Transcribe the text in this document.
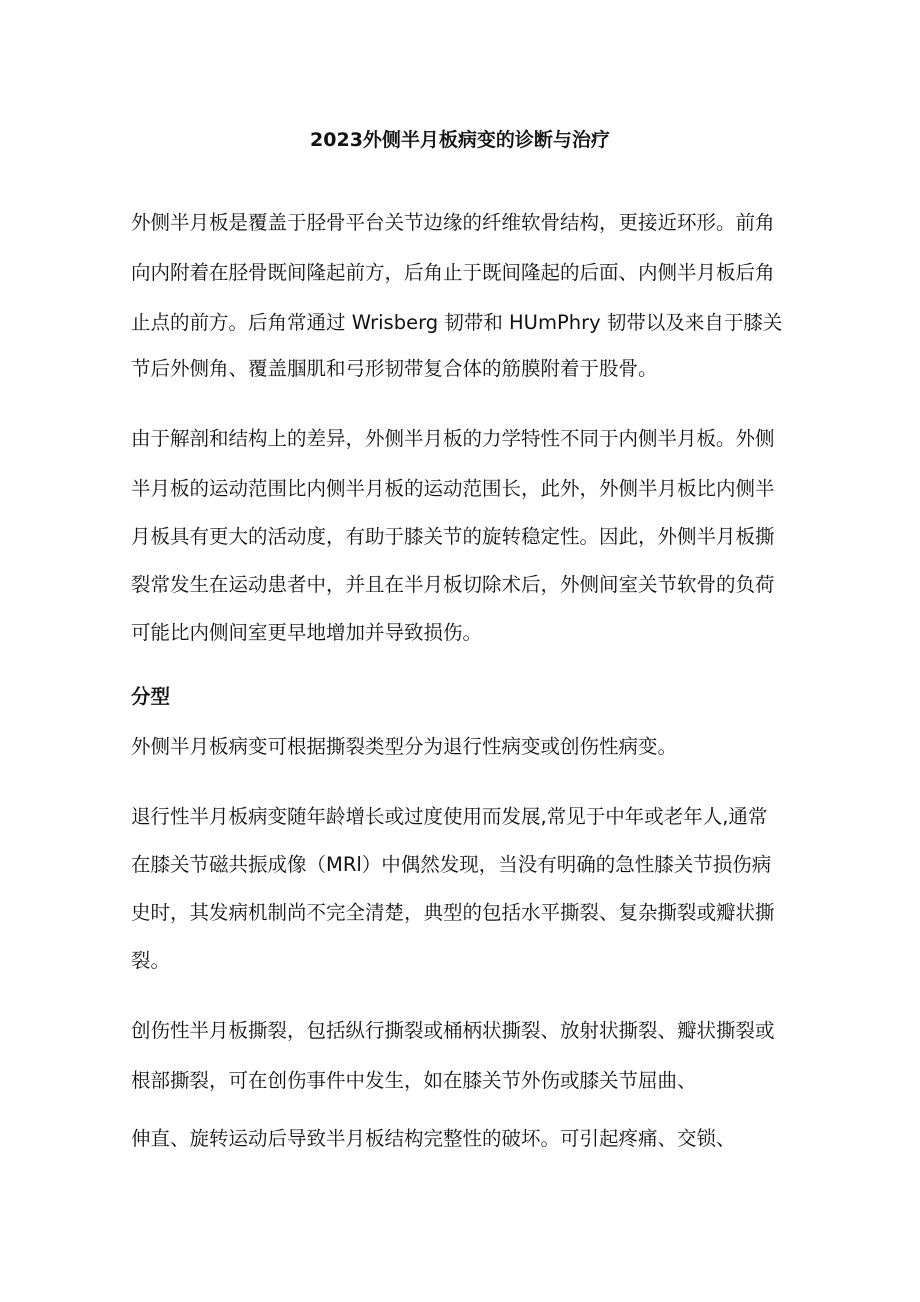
2023外侧半月板病变的诊断与治疗
外侧半月板是覆盖于胫骨平台关节边缘的纤维软骨结构，更接近环形。前角
向内附着在胫骨既间隆起前方，后角止于既间隆起的后面、内侧半月板后角
止点的前方。后角常通过 Wrisberg 韧带和 HUmPhry 韧带以及来自于膝关
节后外侧角、覆盖腘肌和弓形韧带复合体的筋膜附着于股骨。
由于解剖和结构上的差异，外侧半月板的力学特性不同于内侧半月板。外侧
半月板的运动范围比内侧半月板的运动范围长，此外，外侧半月板比内侧半
月板具有更大的活动度，有助于膝关节的旋转稳定性。因此，外侧半月板撕
裂常发生在运动患者中，并且在半月板切除术后，外侧间室关节软骨的负荷
可能比内侧间室更早地增加并导致损伤。
分型
外侧半月板病变可根据撕裂类型分为退行性病变或创伤性病变。
退行性半月板病变随年龄增长或过度使用而发展,常见于中年或老年人,通常
在膝关节磁共振成像（MRl）中偶然发现，当没有明确的急性膝关节损伤病
史时，其发病机制尚不完全清楚，典型的包括水平撕裂、复杂撕裂或瓣状撕
裂。
创伤性半月板撕裂，包括纵行撕裂或桶柄状撕裂、放射状撕裂、瓣状撕裂或
根部撕裂，可在创伤事件中发生，如在膝关节外伤或膝关节屈曲、
伸直、旋转运动后导致半月板结构完整性的破坏。可引起疼痛、交锁、
